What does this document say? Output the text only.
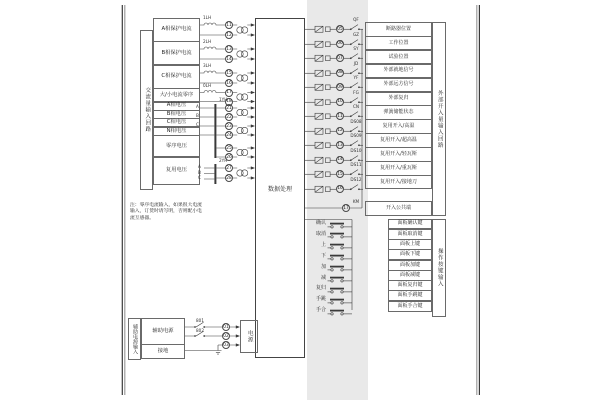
交流量输入回路
A相保护电流
B相保护电流
C相保护电流
大/小电流零序
A相电压
B相电压
C相电压
N相电压
零序电压
复用电压
1LH
2LH
3LH
0LH
11
12
13
14
15
16
17
18
1YH
2YH
A
B
C
A
B
C
21
22
23
24
25
26
27
28
注：零序电流输入，如果很大电流
输入，订货时请写明，否则配小电
流互感器。
数据处理
05
QF
06
GZ
07
SY
08
JD
09
YF
10
FG
11
CN
12
DS08
13
DS09
14
DS10
15
DS11
16
DS12
17
KM
断路器位置
工作位置
试验位置
外部就地信号
外部远方信号
外部复归
弹簧储能状态
复用开入/高温
复用开入/超高温
复用开入/轻瓦斯
复用开入/重瓦斯
复用开入/接地刀
开入公共端
外部开入量输入回路
确认
取消
上
下
加
减
复归
手跳
手合
面板确认键
面板取消键
面板上键
面板下键
面板加键
面板减键
面板复归键
面板手跳键
面板手合键
操作按键输入
辅助电源输入	辅助电源
接地
801
802
01
02
03
电源
